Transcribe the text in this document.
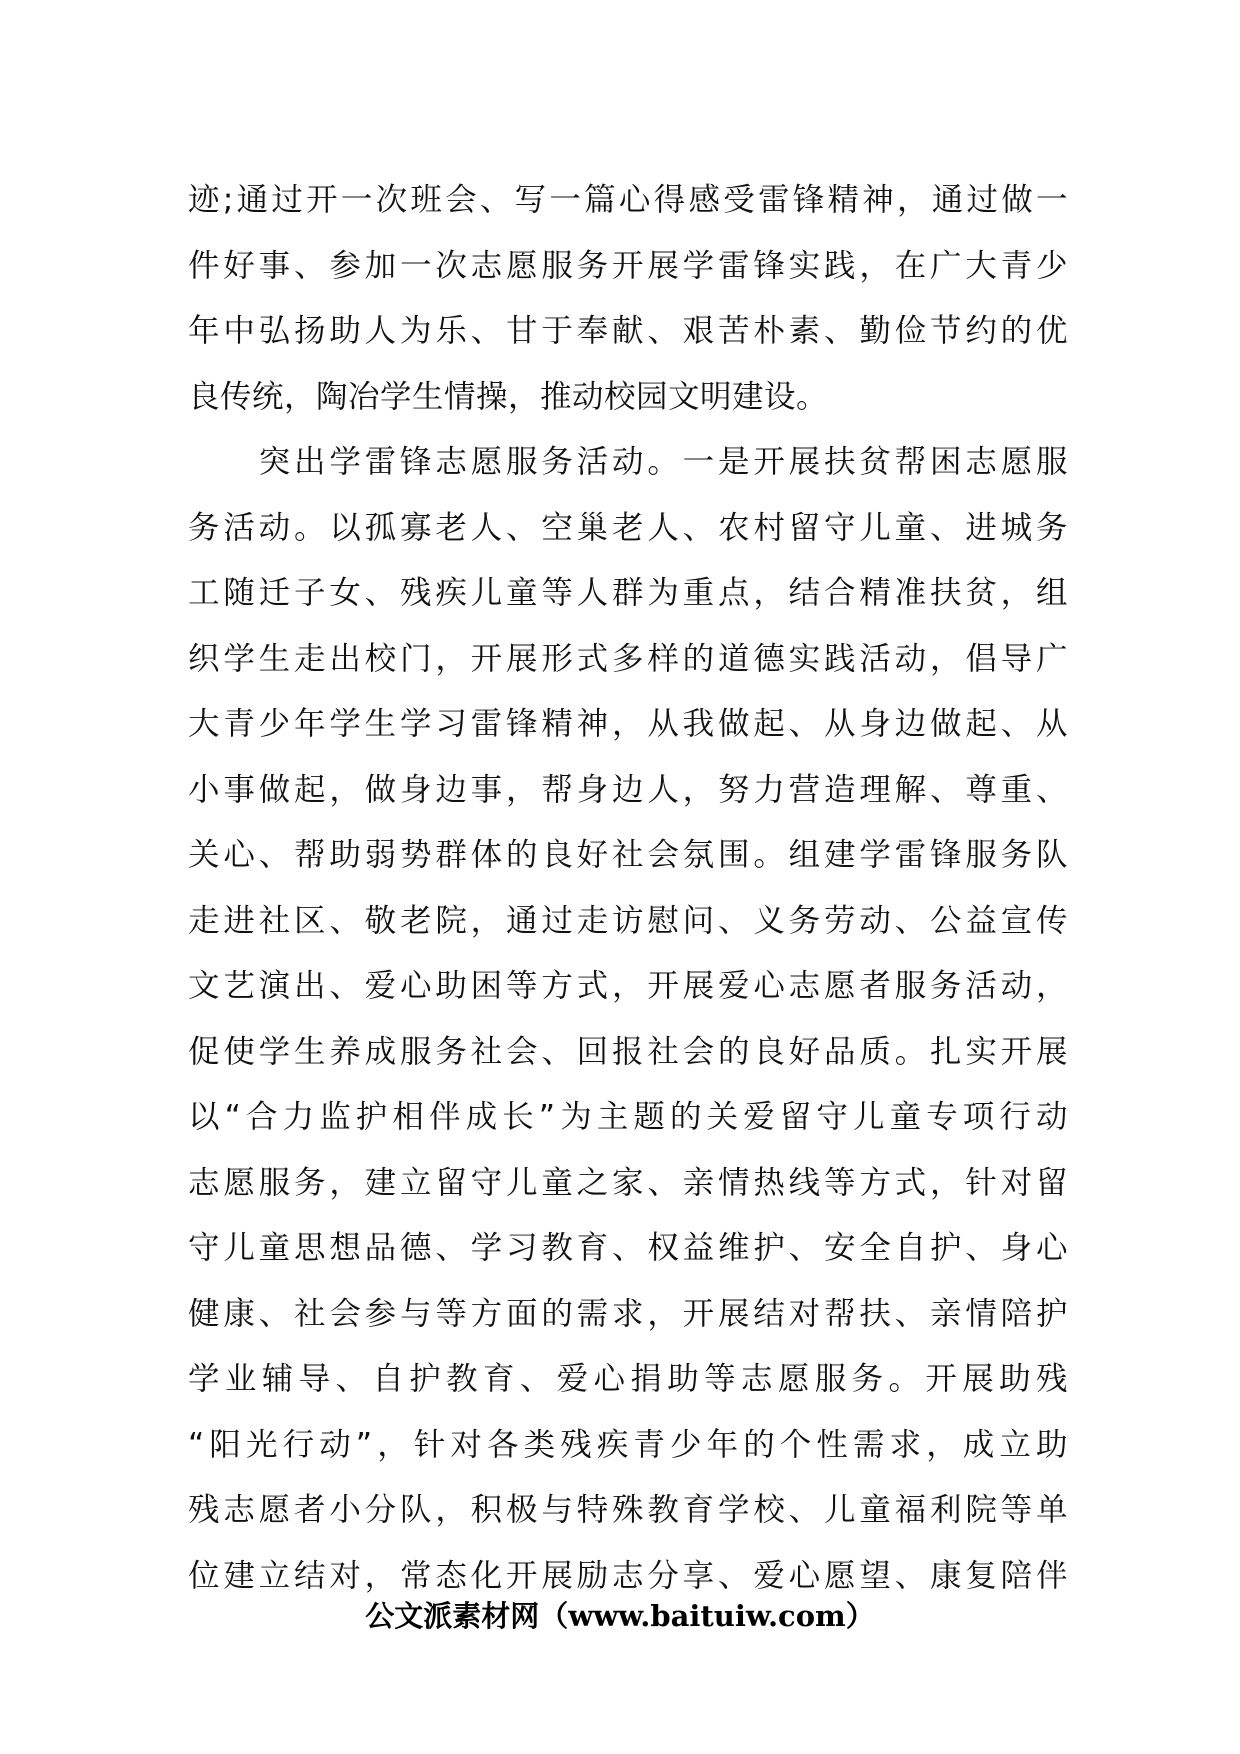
迹;通过开一次班会、写一篇心得感受雷锋精神，通过做一
件好事、参加一次志愿服务开展学雷锋实践，在广大青少
年中弘扬助人为乐、甘于奉献、艰苦朴素、勤俭节约的优
良传统，陶冶学生情操，推动校园文明建设。
　　突出学雷锋志愿服务活动。一是开展扶贫帮困志愿服
务活动。以孤寡老人、空巢老人、农村留守儿童、进城务
工随迁子女、残疾儿童等人群为重点，结合精准扶贫，组
织学生走出校门，开展形式多样的道德实践活动，倡导广
大青少年学生学习雷锋精神，从我做起、从身边做起、从
小事做起，做身边事，帮身边人，努力营造理解、尊重、
关心、帮助弱势群体的良好社会氛围。组建学雷锋服务队
走进社区、敬老院，通过走访慰问、义务劳动、公益宣传
文艺演出、爱心助困等方式，开展爱心志愿者服务活动，
促使学生养成服务社会、回报社会的良好品质。扎实开展
以“合力监护相伴成长”为主题的关爱留守儿童专项行动
志愿服务，建立留守儿童之家、亲情热线等方式，针对留
守儿童思想品德、学习教育、权益维护、安全自护、身心
健康、社会参与等方面的需求，开展结对帮扶、亲情陪护
学业辅导、自护教育、爱心捐助等志愿服务。开展助残
“阳光行动”，针对各类残疾青少年的个性需求，成立助
残志愿者小分队，积极与特殊教育学校、儿童福利院等单
位建立结对，常态化开展励志分享、爱心愿望、康复陪伴
公文派素材网（www.baituiw.com）
